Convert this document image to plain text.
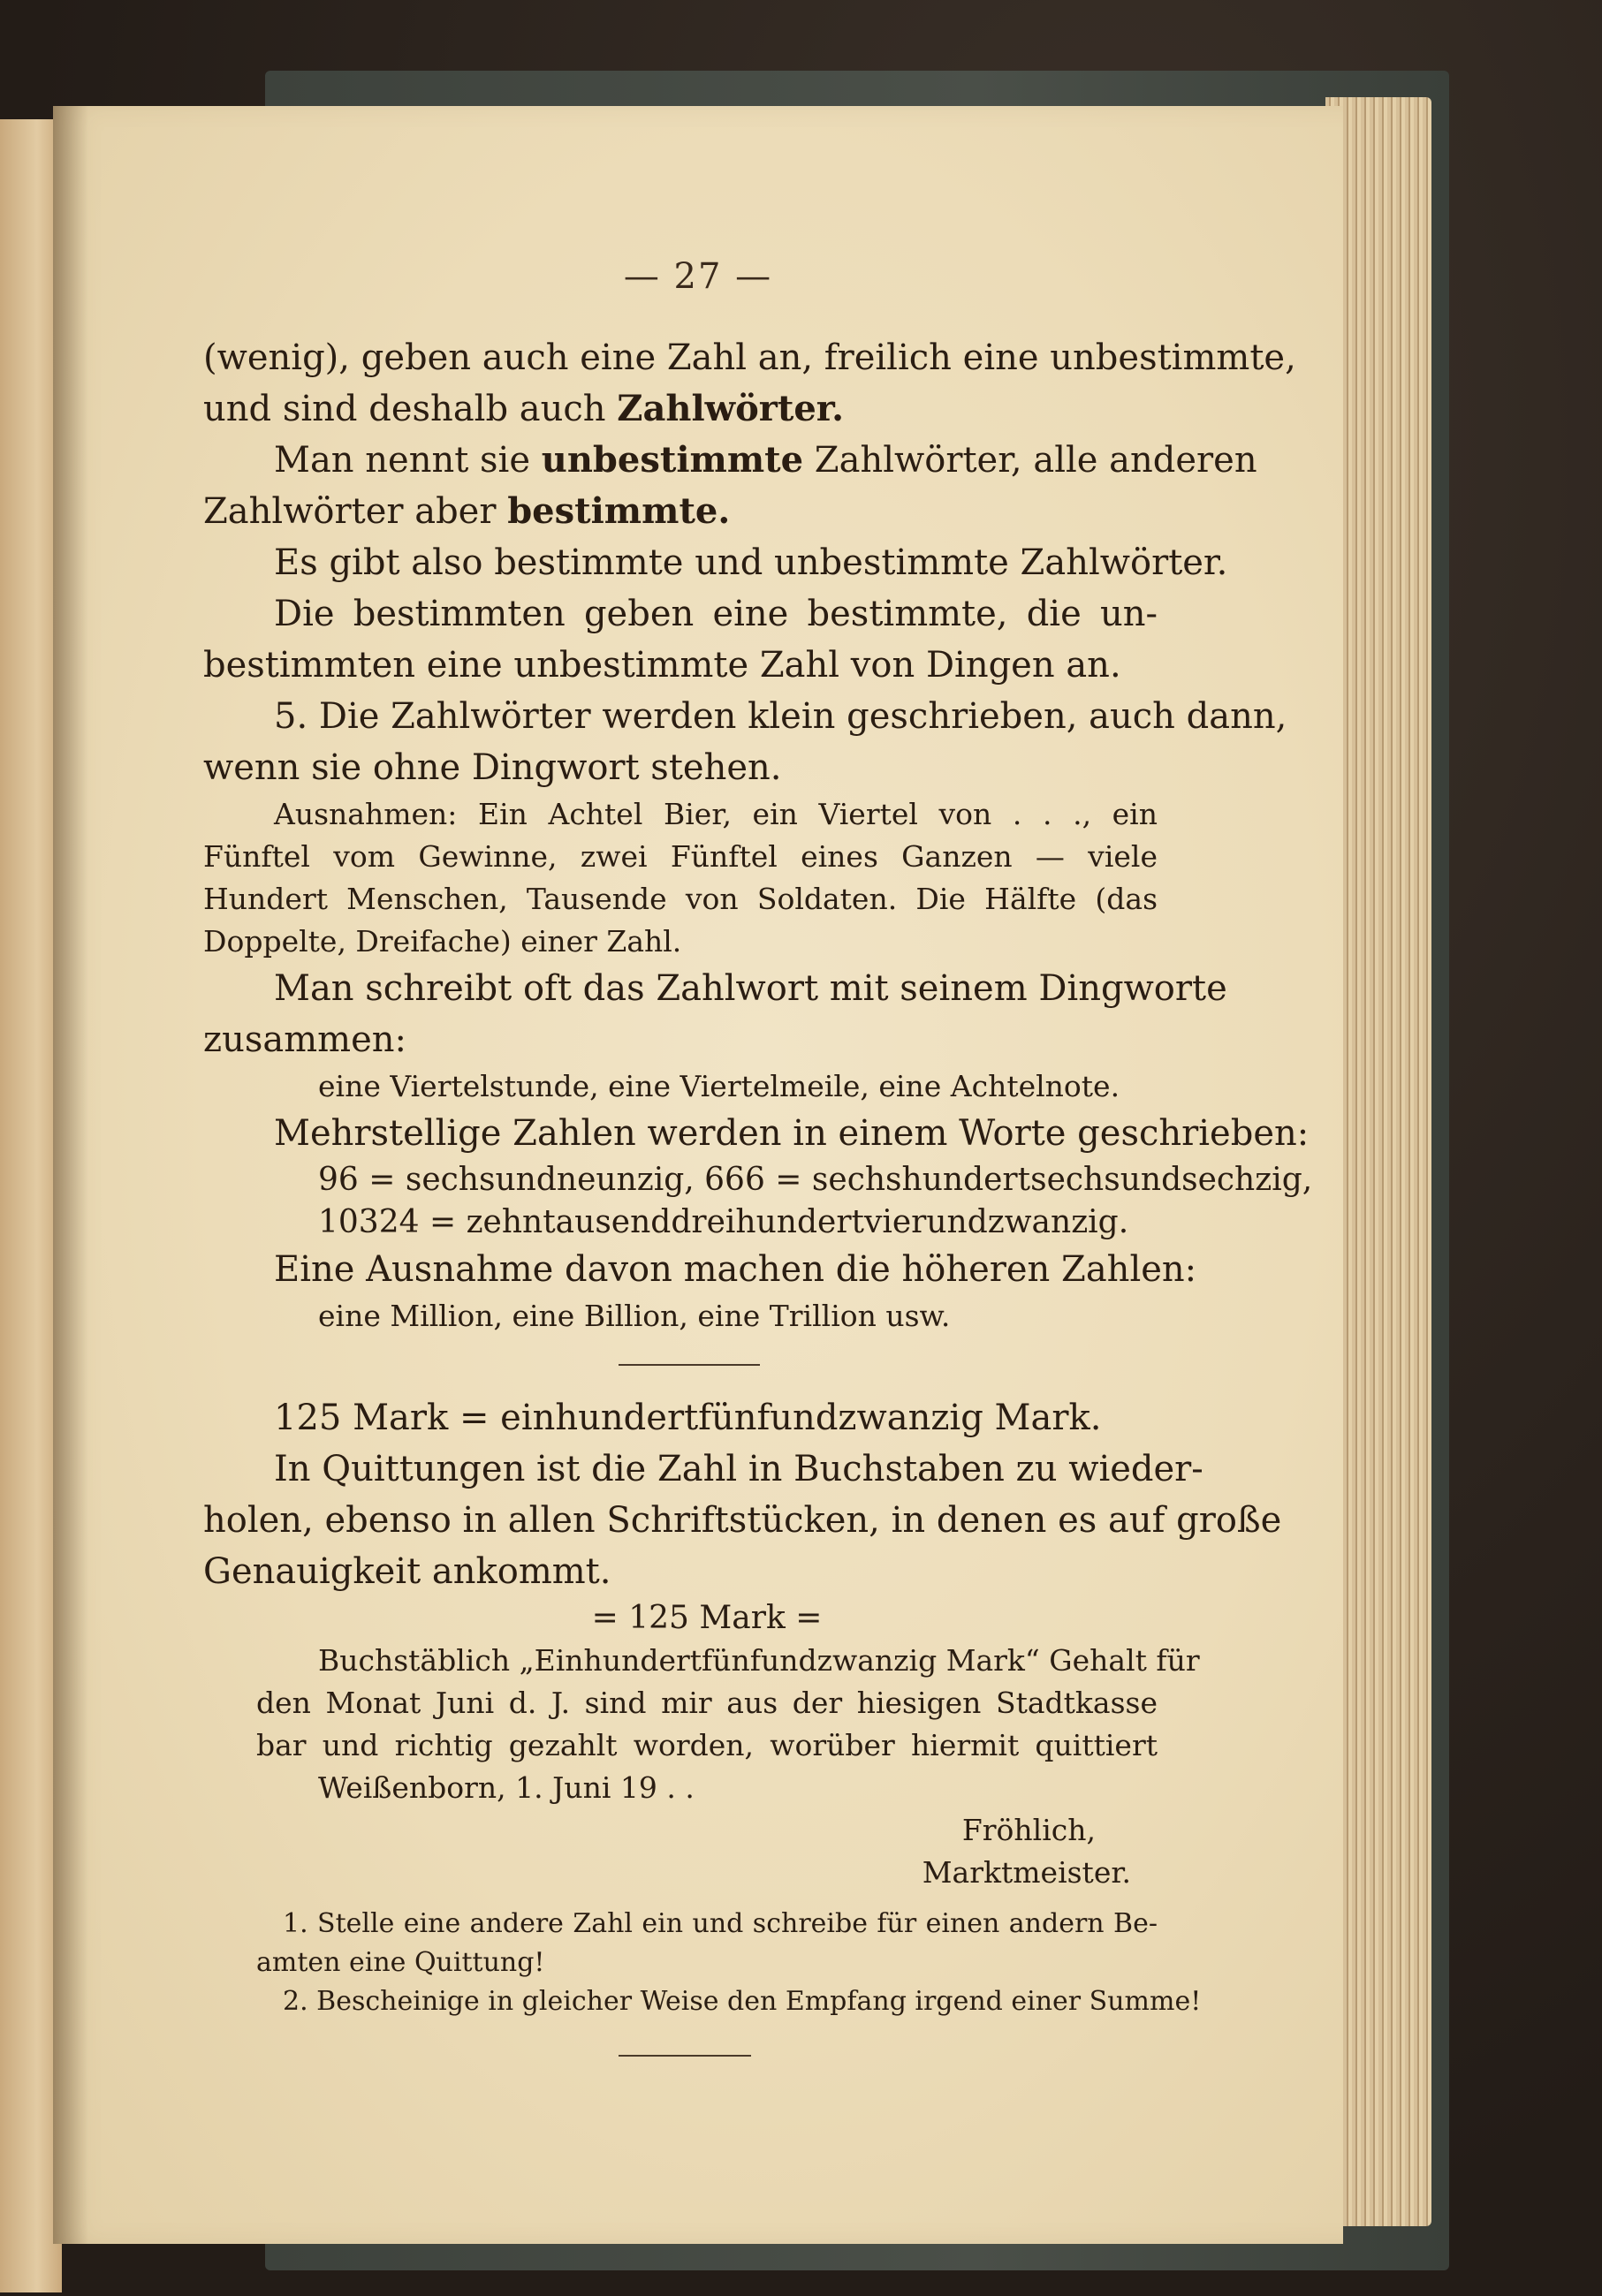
— 27 —
(wenig), geben auch eine Zahl an, freilich eine unbestimmte,
und sind deshalb auch Zahlwörter.
Man nennt sie unbestimmte Zahlwörter, alle anderen
Zahlwörter aber bestimmte.
Es gibt also bestimmte und unbestimmte Zahlwörter.
Die bestimmten geben eine bestimmte, die un-
bestimmten eine unbestimmte Zahl von Dingen an.
5. Die Zahlwörter werden klein geschrieben, auch dann,
wenn sie ohne Dingwort stehen.
Ausnahmen: Ein Achtel Bier, ein Viertel von . . ., ein
Fünftel vom Gewinne, zwei Fünftel eines Ganzen — viele
Hundert Menschen, Tausende von Soldaten. Die Hälfte (das
Doppelte, Dreifache) einer Zahl.
Man schreibt oft das Zahlwort mit seinem Dingworte
zusammen:
eine Viertelstunde, eine Viertelmeile, eine Achtelnote.
Mehrstellige Zahlen werden in einem Worte geschrieben:
96 = sechsundneunzig, 666 = sechshundertsechsundsechzig,
10324 = zehntausenddreihundertvierundzwanzig.
Eine Ausnahme davon machen die höheren Zahlen:
eine Million, eine Billion, eine Trillion usw.
125 Mark = einhundertfünfundzwanzig Mark.
In Quittungen ist die Zahl in Buchstaben zu wieder-
holen, ebenso in allen Schriftstücken, in denen es auf große
Genauigkeit ankommt.
= 125 Mark =
Buchstäblich „Einhundertfünfundzwanzig Mark“ Gehalt für
den Monat Juni d. J. sind mir aus der hiesigen Stadtkasse
bar und richtig gezahlt worden, worüber hiermit quittiert
Weißenborn, 1. Juni 19 . .
Fröhlich,
Marktmeister.
1. Stelle eine andere Zahl ein und schreibe für einen andern Be-
amten eine Quittung!
2. Bescheinige in gleicher Weise den Empfang irgend einer Summe!
